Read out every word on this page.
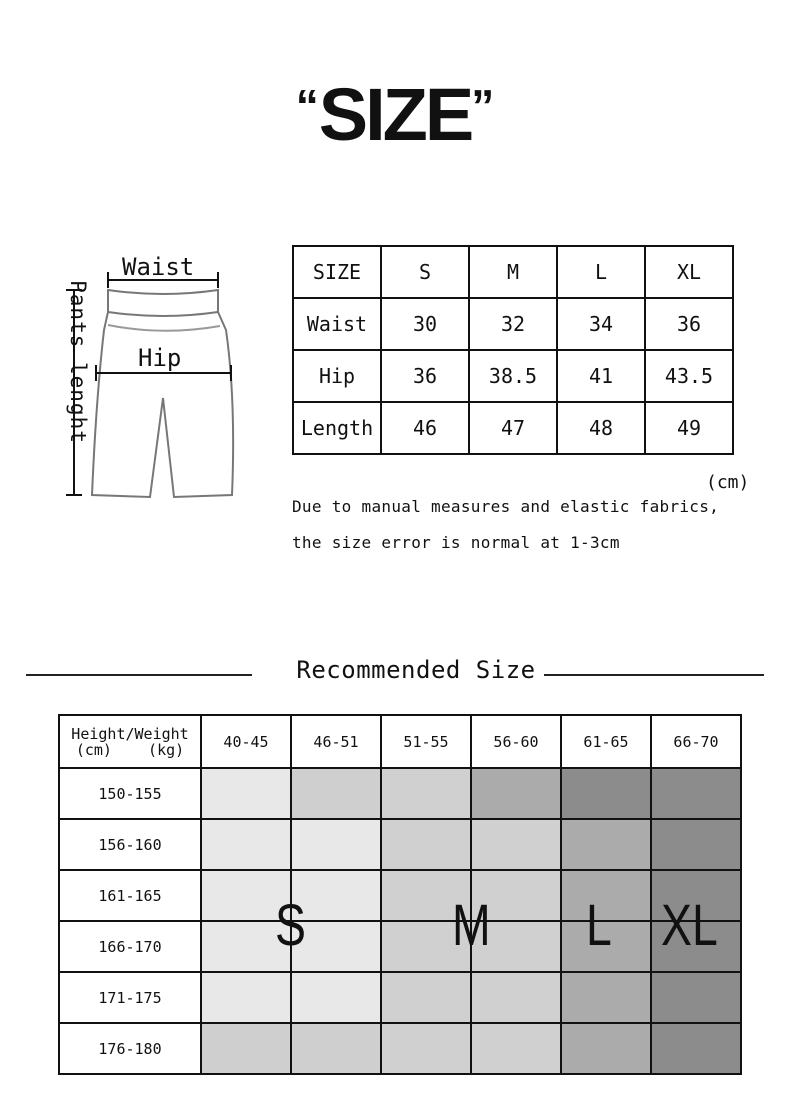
“SIZE”
Waist
Hip
Pants lenght
SIZE	S	M	L	XL
Waist	30	32	34	36
Hip	36	38.5	41	43.5
Length	46	47	48	49
(cm)
Due to manual measures and elastic fabrics,
the size error is normal at 1-3cm
Recommended Size
Height/Weight
(cm)    (kg)	40-45	46-51	51-55	56-60	61-65	66-70
150-155						
156-160						
161-165						
166-170						
171-175						
176-180						
S	M L XL
